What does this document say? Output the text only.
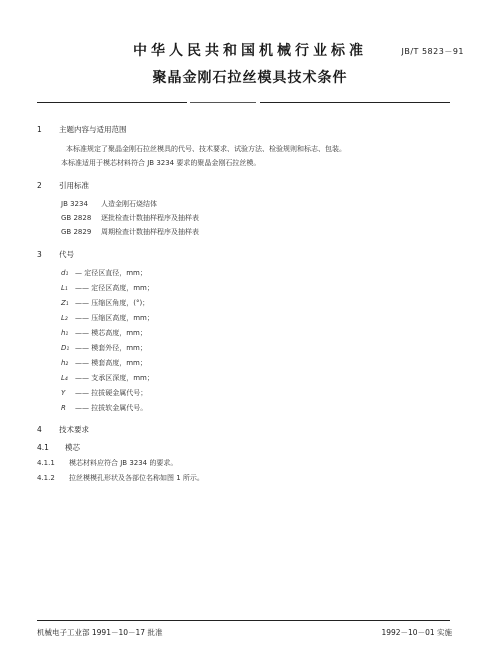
中华人民共和国机械行业标准	JB/T 5823－91
聚晶金刚石拉丝模具技术条件
1 主题内容与适用范围
本标准规定了聚晶金刚石拉丝模具的代号、技术要求、试验方法、检验规则和标志、包装。
本标准适用于模芯材料符合 JB 3234 要求的聚晶金刚石拉丝模。
2 引用标准
JB 3234 人造金刚石烧结体
GB 2828 逐批检查计数抽样程序及抽样表
GB 2829 周期检查计数抽样程序及抽样表
3 代号
d₁ — 定径区直径，mm；
L₁ —— 定径区高度，mm；
Z₁ —— 压缩区角度，(°)；
L₂ —— 压缩区高度，mm；
h₁ —— 模芯高度，mm；
D₁ —— 模套外径，mm；
h₂ —— 模套高度，mm；
L₄ —— 支承区深度，mm；
Y —— 拉拔硬金属代号；
R —— 拉拔软金属代号。
4 技术要求
4.1 模芯
4.1.1 模芯材料应符合 JB 3234 的要求。
4.1.2 拉丝模模孔形状及各部位名称如图 1 所示。
机械电子工业部 1991－10－17 批准	1992－10－01 实施
